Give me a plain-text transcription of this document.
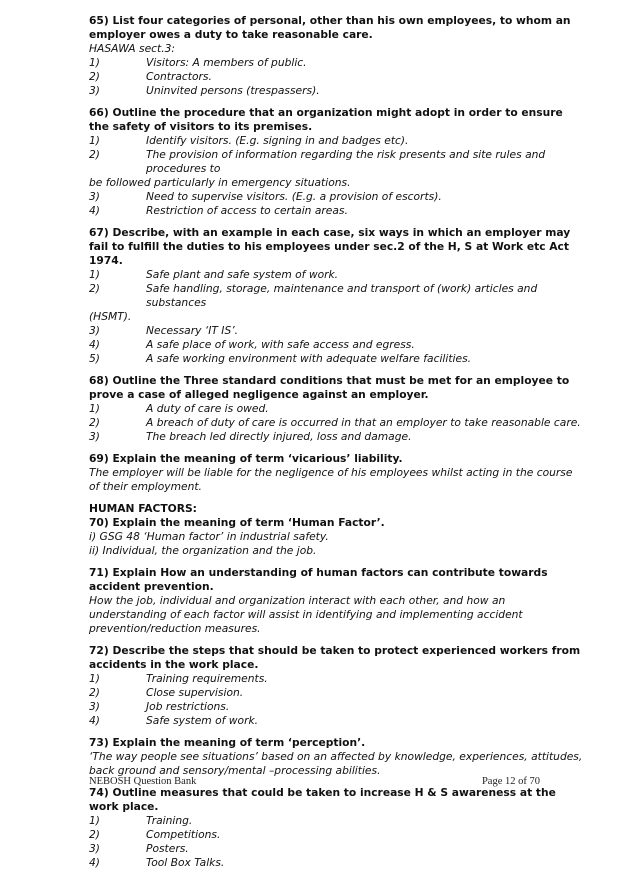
65) List four categories of personal, other than his own employees, to whom an employer owes a duty to take reasonable care.
HASAWA sect.3:
1)	Visitors: A members of public.
2)	Contractors.
3)	Uninvited persons (trespassers).
66) Outline the procedure that an organization might adopt in order to ensure the safety of visitors to its premises.
1)	Identify visitors. (E.g. signing in and badges etc).
2)	The provision of information regarding the risk presents and site rules and procedures to
be followed particularly in emergency situations.
3)	Need to supervise visitors. (E.g. a provision of escorts).
4)	Restriction of access to certain areas.
67) Describe, with an example in each case, six ways in which an employer may fail to fulfill the duties to his employees under sec.2 of the H, S at Work etc Act 1974.
1)	Safe plant and safe system of work.
2)	Safe handling, storage, maintenance and transport of (work) articles and substances
(HSMT).
3)	Necessary ‘IT IS’.
4)	A safe place of work, with safe access and egress.
5)	A safe working environment with adequate welfare facilities.
68) Outline the Three standard conditions that must be met for an employee to prove a case of alleged negligence against an employer.
1)	A duty of care is owed.
2)	A breach of duty of care is occurred in that an employer to take reasonable care.
3)	The breach led directly injured, loss and damage.
69) Explain the meaning of term ‘vicarious’ liability.
The employer will be liable for the negligence of his employees whilst acting in the course of their employment.
HUMAN FACTORS:
70) Explain the meaning of term ‘Human Factor’.
i) GSG 48 ‘Human factor’ in industrial safety.
ii) Individual, the organization and the job.
71) Explain How an understanding of human factors can contribute towards accident prevention.
How the job, individual and organization interact with each other, and how an understanding of each factor will assist in identifying and implementing accident prevention/reduction measures.
72) Describe the steps that should be taken to protect experienced workers from accidents in the work place.
1)	Training requirements.
2)	Close supervision.
3)	Job restrictions.
4)	Safe system of work.
73) Explain the meaning of term ‘perception’.
‘The way people see situations’ based on an affected by knowledge, experiences, attitudes, back ground and sensory/mental –processing abilities.
74) Outline measures that could be taken to increase H & S awareness at the work place.
1)	Training.
2)	Competitions.
3)	Posters.
4)	Tool Box Talks.
NEBOSH Question Bank	Page 12 of 70
